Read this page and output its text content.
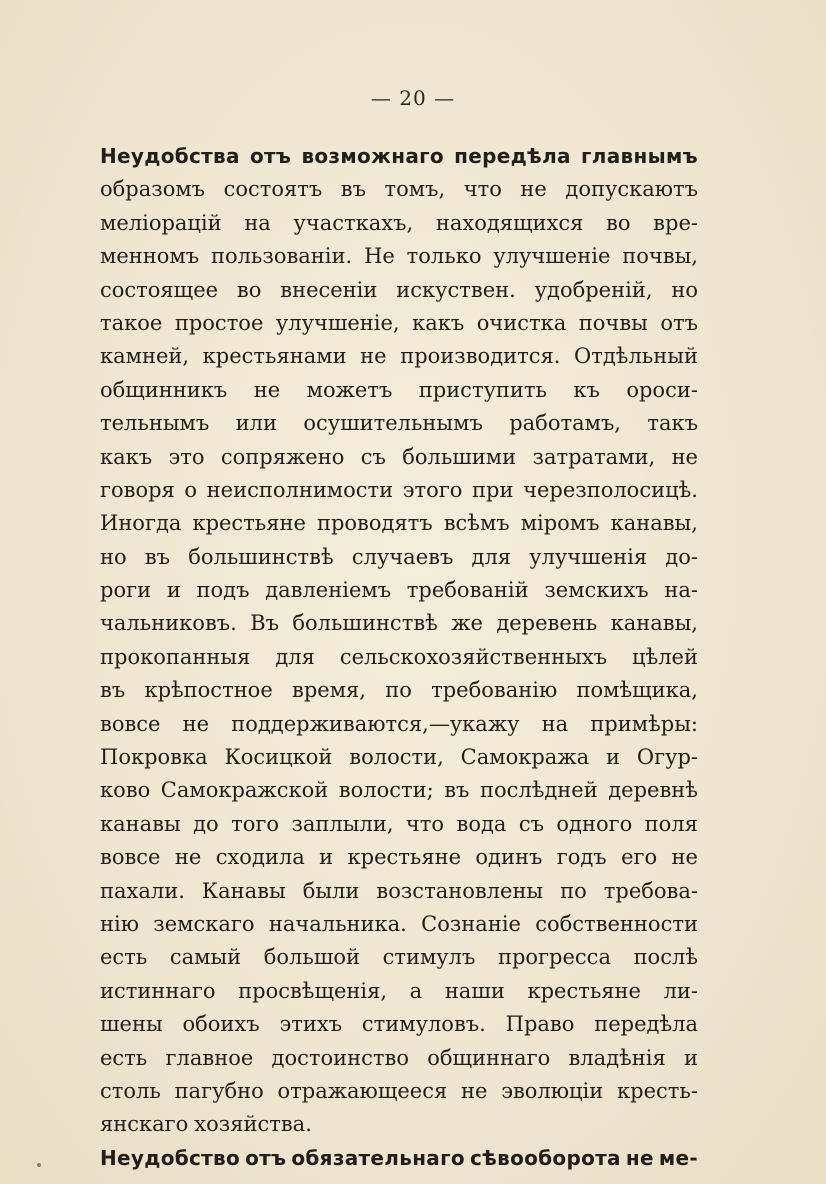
— 20 —
Неудобства отъ возможнаго передѣла главнымъ
образомъ состоятъ въ томъ, что не допускаютъ
меліорацій на участкахъ, находящихся во вре-
менномъ пользованіи. Не только улучшеніе почвы,
состоящее во внесеніи искуствен. удобреній, но
такое простое улучшеніе, какъ очистка почвы отъ
камней, крестьянами не производится. Отдѣльный
общинникъ не можетъ приступить къ ороси-
тельнымъ или осушительнымъ работамъ, такъ
какъ это сопряжено съ большими затратами, не
говоря о неисполнимости этого при черезполосицѣ.
Иногда крестьяне проводятъ всѣмъ міромъ канавы,
но въ большинствѣ случаевъ для улучшенія до-
роги и подъ давленіемъ требованій земскихъ на-
чальниковъ. Въ большинствѣ же деревень канавы,
прокопанныя для сельскохозяйственныхъ цѣлей
въ крѣпостное время, по требованію помѣщика,
вовсе не поддерживаются,—укажу на примѣры:
Покровка Косицкой волости, Самокража и Огур-
ково Самокражской волости; въ послѣдней деревнѣ
канавы до того заплыли, что вода съ одного поля
вовсе не сходила и крестьяне одинъ годъ его не
пахали. Канавы были возстановлены по требова-
нію земскаго начальника. Сознаніе собственности
есть самый большой стимулъ прогресса послѣ
истиннаго просвѣщенія, а наши крестьяне ли-
шены обоихъ этихъ стимуловъ. Право передѣла
есть главное достоинство общиннаго владѣнія и
столь пагубно отражающееся не эволюціи кресть-
янскаго хозяйства.
Неудобство отъ обязательнаго сѣвооборота не ме-
